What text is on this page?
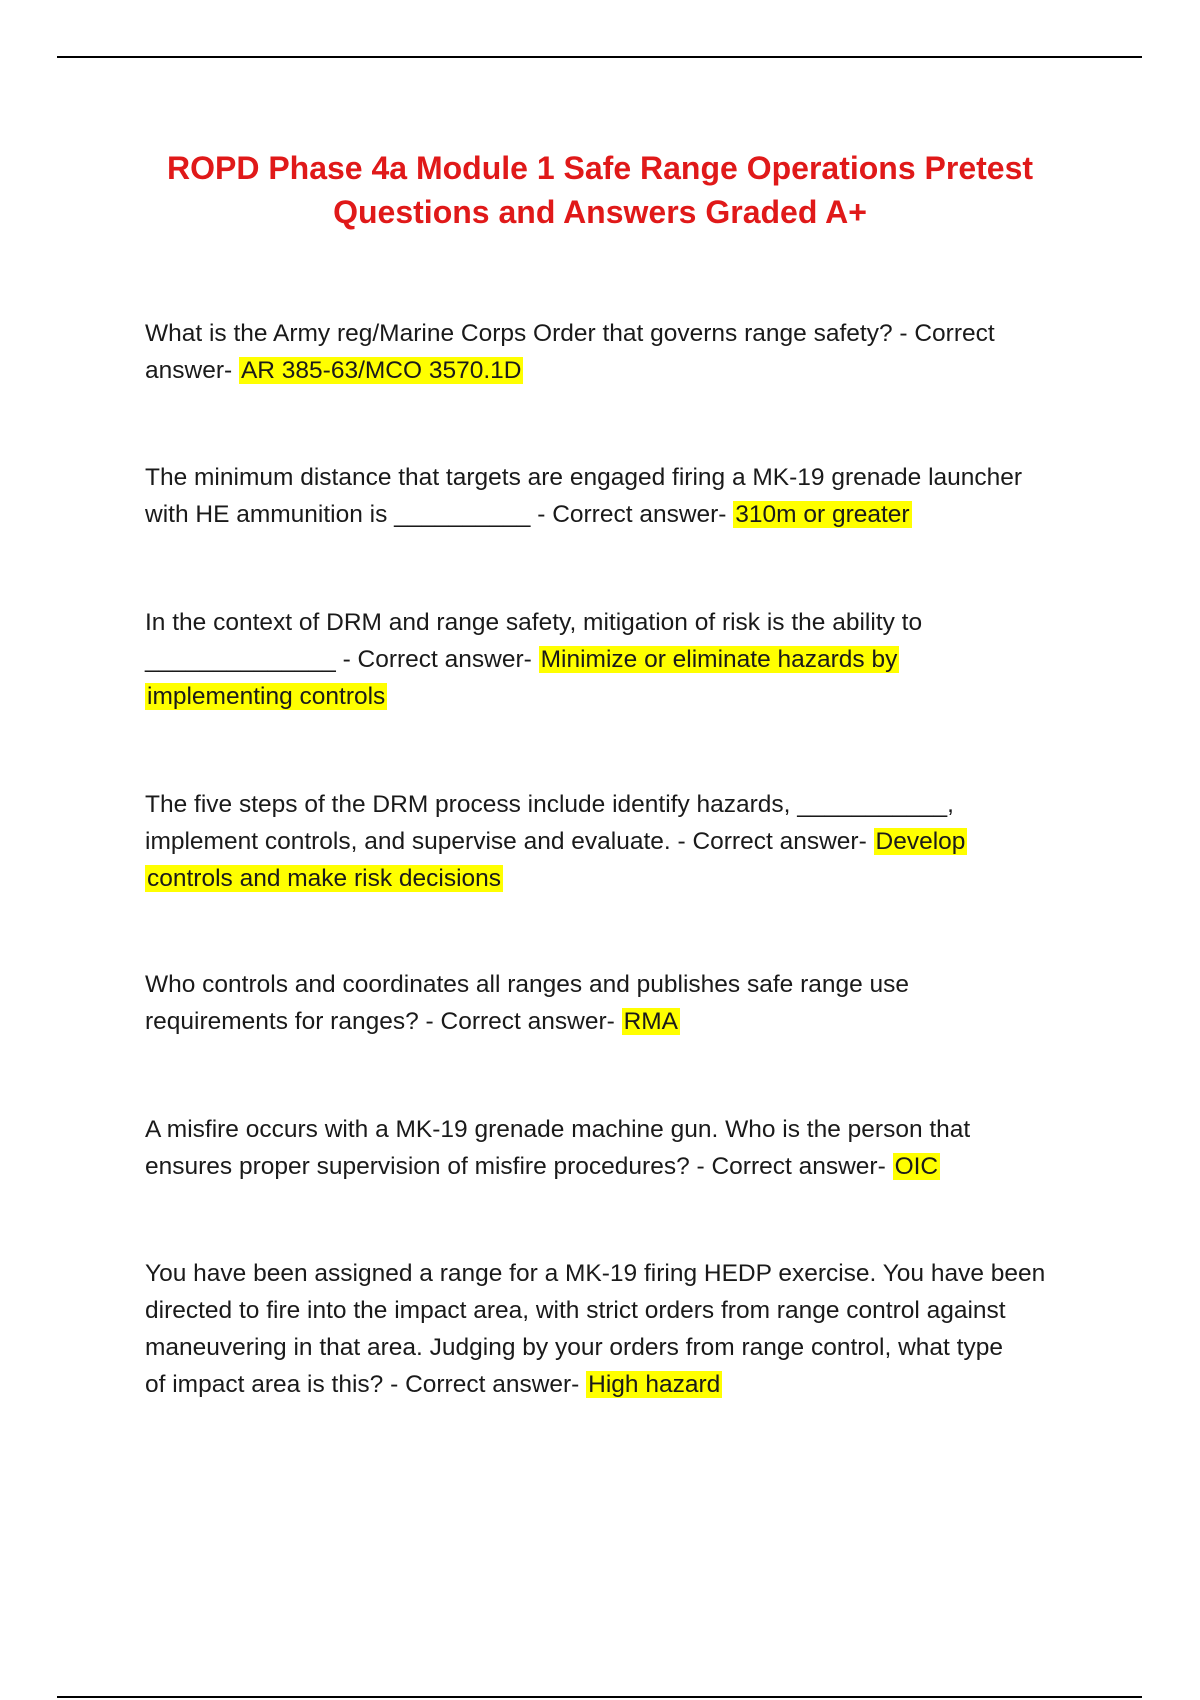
ROPD Phase 4a Module 1 Safe Range Operations Pretest
Questions and Answers Graded A+
What is the Army reg/Marine Corps Order that governs range safety? - Correct
answer- AR 385-63/MCO 3570.1D
The minimum distance that targets are engaged firing a MK-19 grenade launcher
with HE ammunition is __________ - Correct answer- 310m or greater
In the context of DRM and range safety, mitigation of risk is the ability to
______________ - Correct answer- Minimize or eliminate hazards by
implementing controls
The five steps of the DRM process include identify hazards, ___________,
implement controls, and supervise and evaluate. - Correct answer- Develop
controls and make risk decisions
Who controls and coordinates all ranges and publishes safe range use
requirements for ranges? - Correct answer- RMA
A misfire occurs with a MK-19 grenade machine gun. Who is the person that
ensures proper supervision of misfire procedures? - Correct answer- OIC
You have been assigned a range for a MK-19 firing HEDP exercise. You have been
directed to fire into the impact area, with strict orders from range control against
maneuvering in that area. Judging by your orders from range control, what type
of impact area is this? - Correct answer- High hazard
